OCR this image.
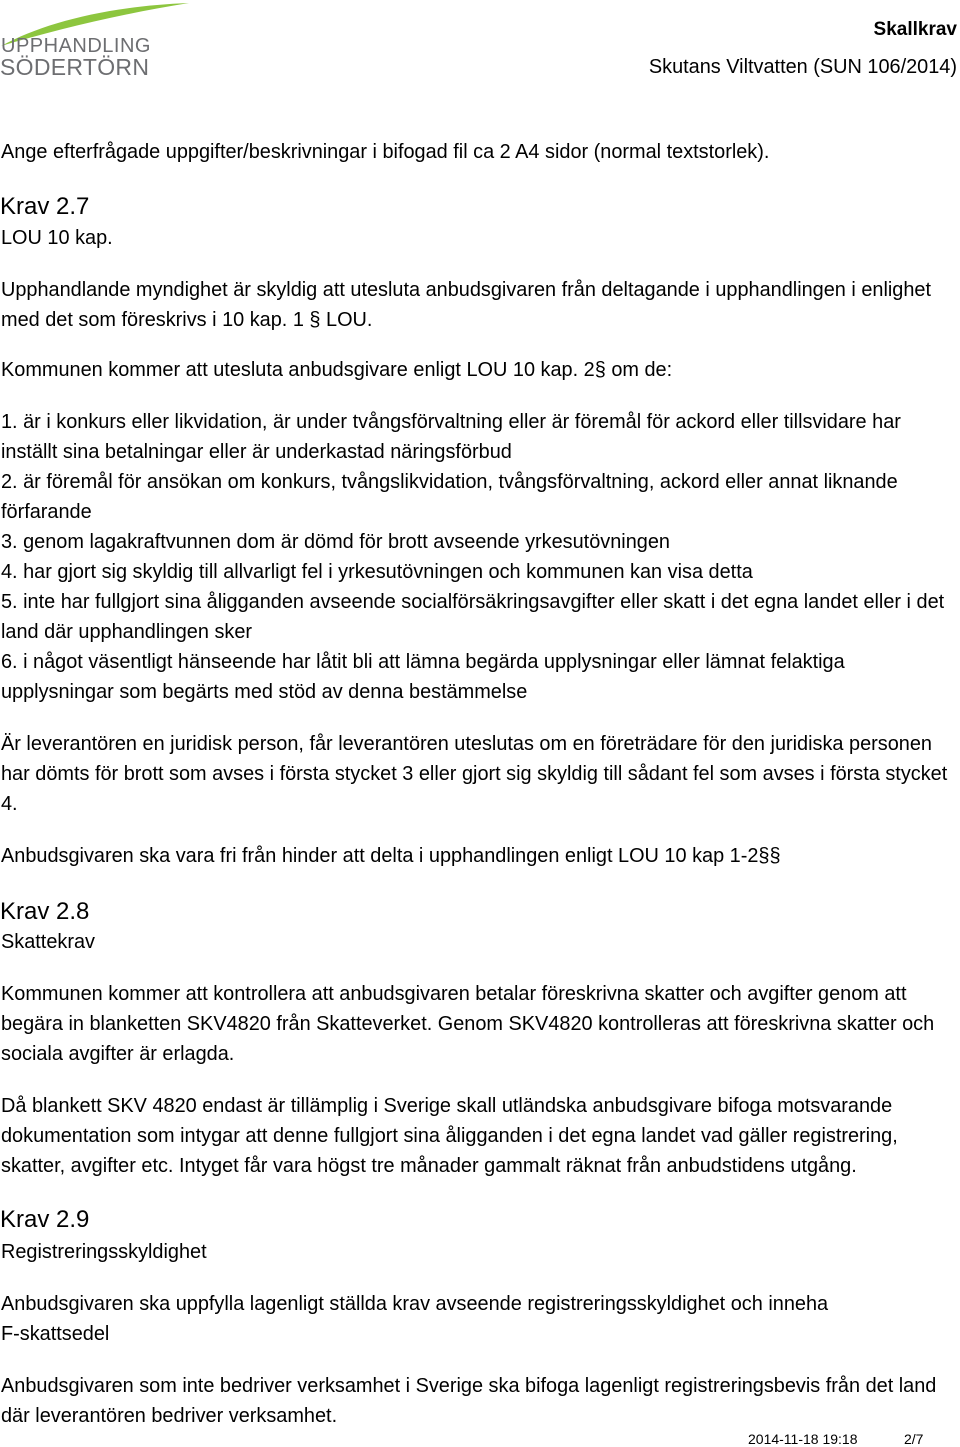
UPPHANDLING
SÖDERTÖRN
Skallkrav
Skutans Viltvatten (SUN 106/2014)
Ange efterfrågade uppgifter/beskrivningar i bifogad fil ca 2 A4 sidor (normal textstorlek).
Krav 2.7
LOU 10 kap.
Upphandlande myndighet är skyldig att utesluta anbudsgivaren från deltagande i upphandlingen i enlighet
med det som föreskrivs i 10 kap. 1 § LOU.
Kommunen kommer att utesluta anbudsgivare enligt LOU 10 kap. 2§ om de:
1. är i konkurs eller likvidation, är under tvångsförvaltning eller är föremål för ackord eller tillsvidare har
inställt sina betalningar eller är underkastad näringsförbud
2. är föremål för ansökan om konkurs, tvångslikvidation, tvångsförvaltning, ackord eller annat liknande
förfarande
3. genom lagakraftvunnen dom är dömd för brott avseende yrkesutövningen
4. har gjort sig skyldig till allvarligt fel i yrkesutövningen och kommunen kan visa detta
5. inte har fullgjort sina åligganden avseende socialförsäkringsavgifter eller skatt i det egna landet eller i det
land där upphandlingen sker
6. i något väsentligt hänseende har låtit bli att lämna begärda upplysningar eller lämnat felaktiga
upplysningar som begärts med stöd av denna bestämmelse
Är leverantören en juridisk person, får leverantören uteslutas om en företrädare för den juridiska personen
har dömts för brott som avses i första stycket 3 eller gjort sig skyldig till sådant fel som avses i första stycket
4.
Anbudsgivaren ska vara fri från hinder att delta i upphandlingen enligt LOU 10 kap 1-2§§
Krav 2.8
Skattekrav
Kommunen kommer att kontrollera att anbudsgivaren betalar föreskrivna skatter och avgifter genom att
begära in blanketten SKV4820 från Skatteverket. Genom SKV4820 kontrolleras att föreskrivna skatter och
sociala avgifter är erlagda.
Då blankett SKV 4820 endast är tillämplig i Sverige skall utländska anbudsgivare bifoga motsvarande
dokumentation som intygar att denne fullgjort sina åligganden i det egna landet vad gäller registrering,
skatter, avgifter etc. Intyget får vara högst tre månader gammalt räknat från anbudstidens utgång.
Krav 2.9
Registreringsskyldighet
Anbudsgivaren ska uppfylla lagenligt ställda krav avseende registreringsskyldighet och inneha
F-skattsedel
Anbudsgivaren som inte bedriver verksamhet i Sverige ska bifoga lagenligt registreringsbevis från det land
där leverantören bedriver verksamhet.
2014-11-18 19:18	2/7
